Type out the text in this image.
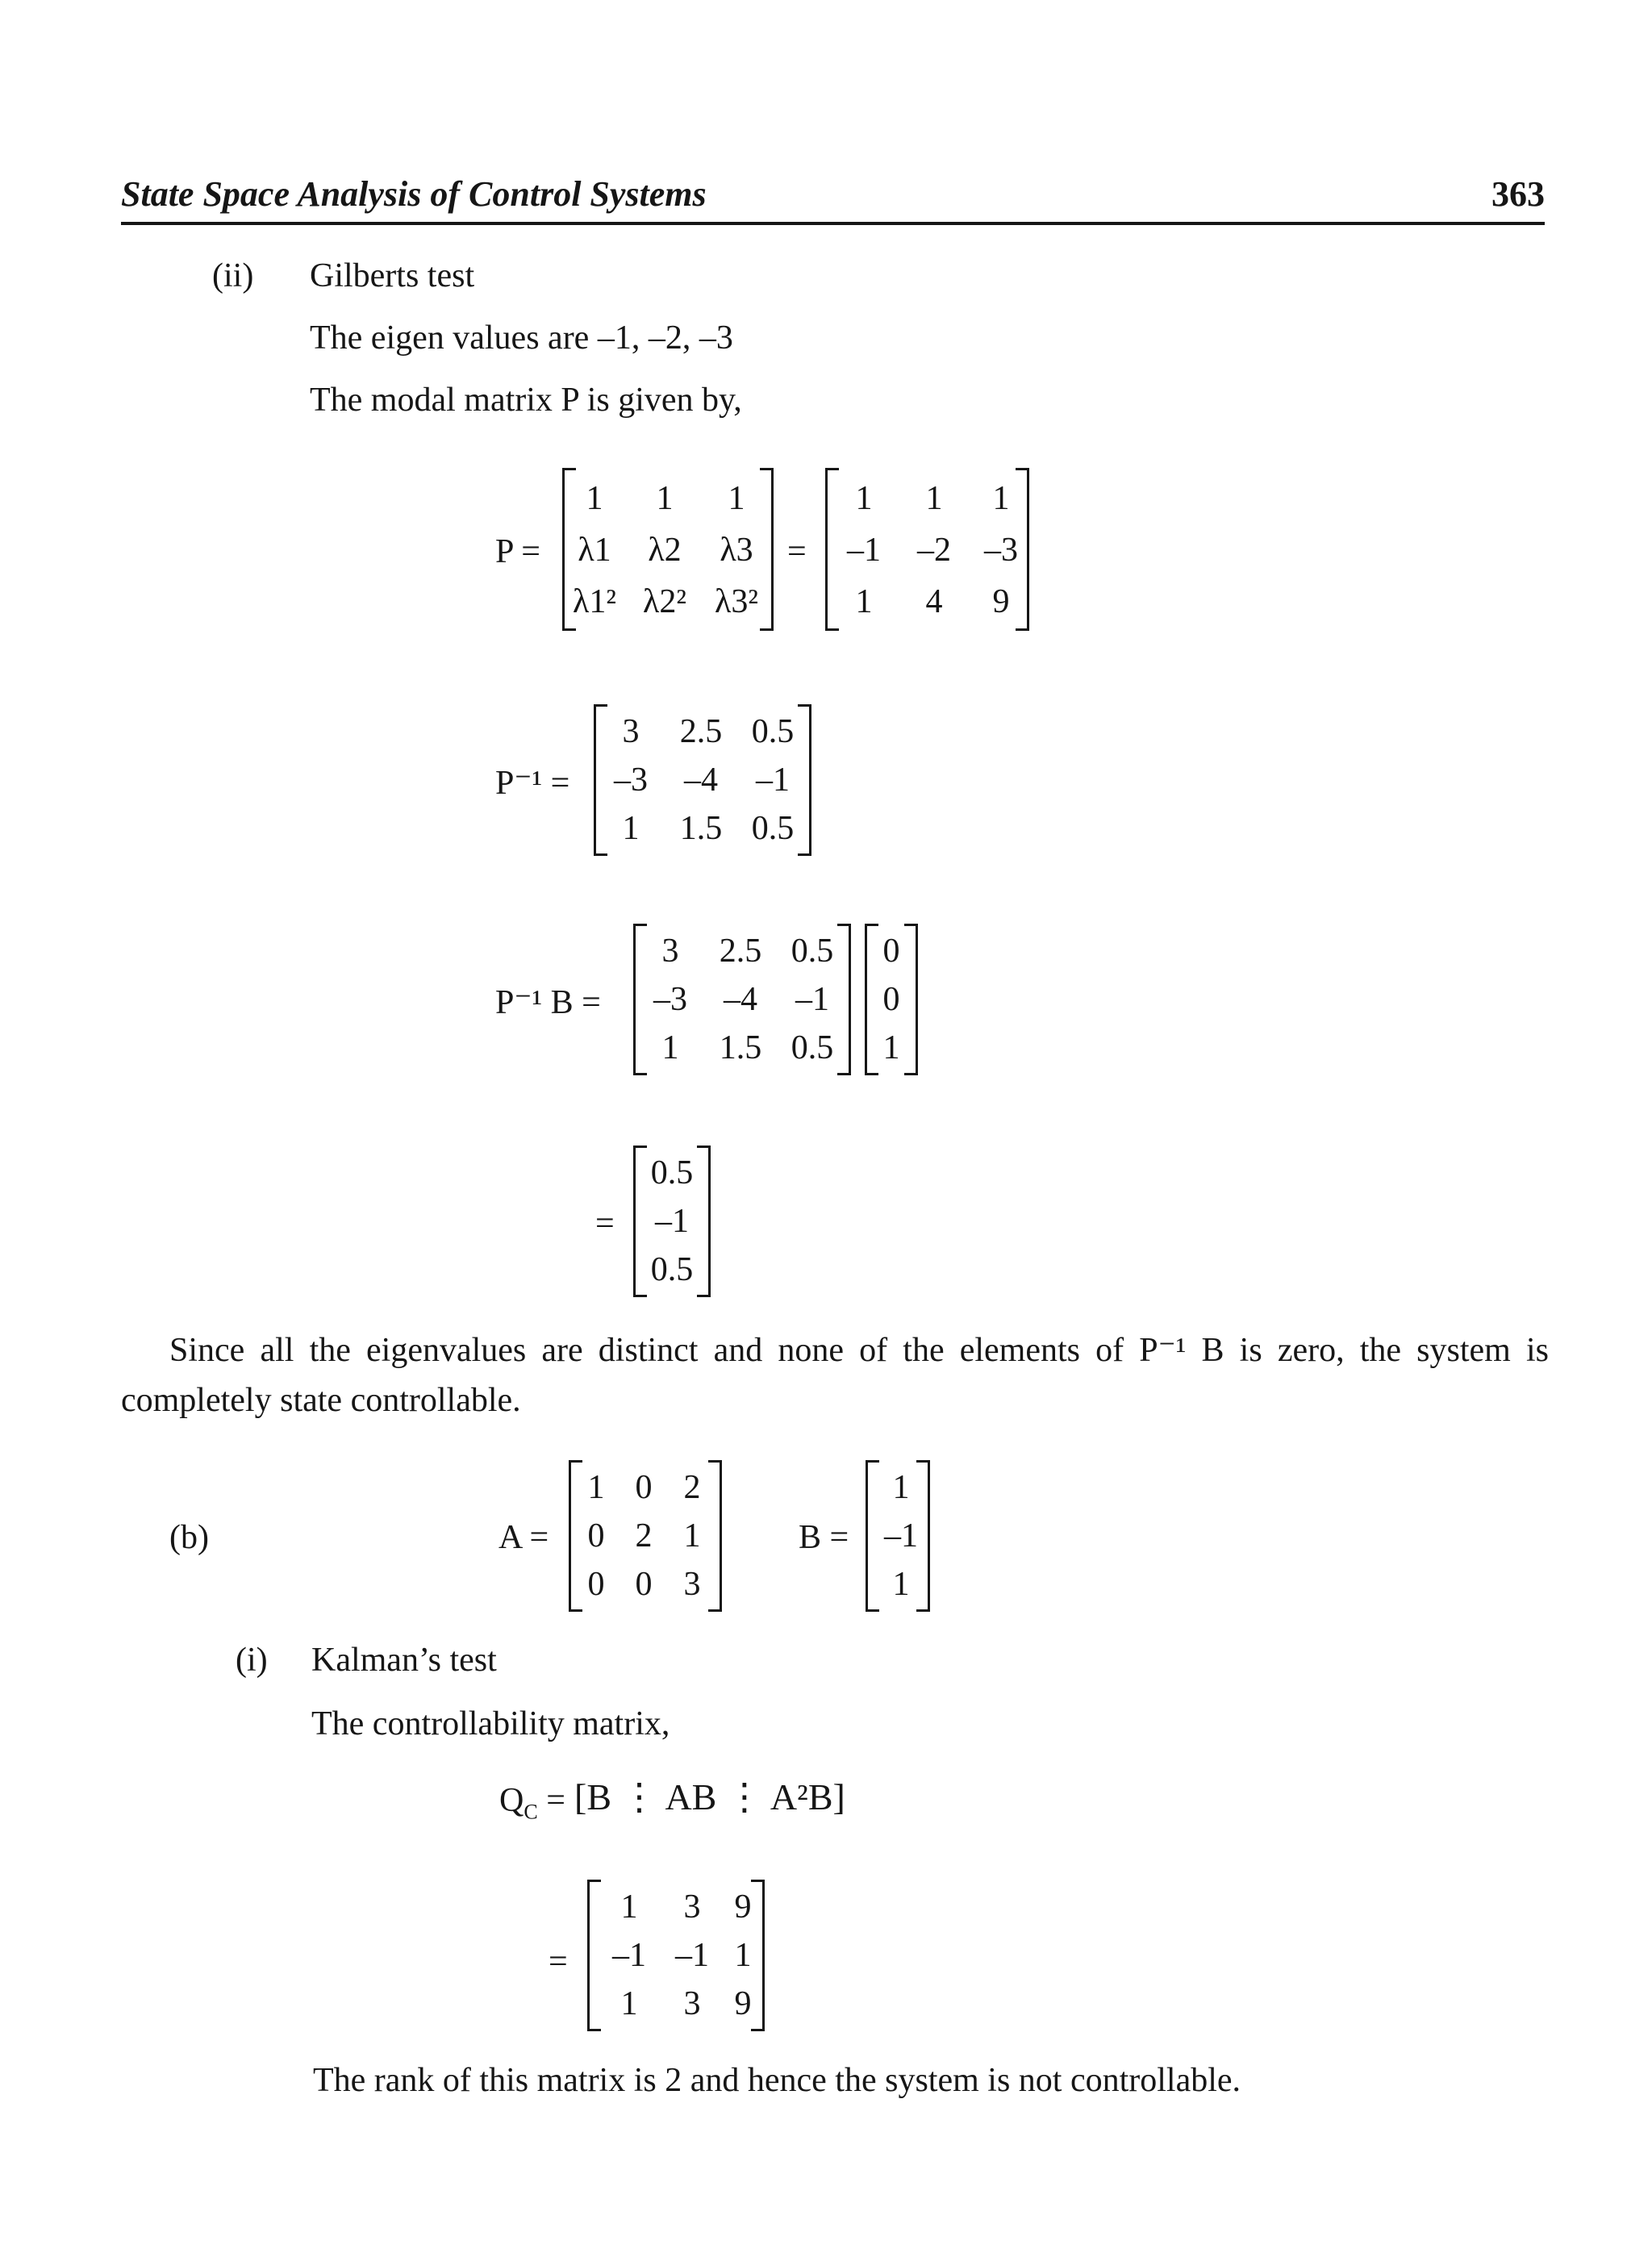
State Space Analysis of Control Systems	363
(ii) Gilberts test
The eigen values are –1, –2, –3
The modal matrix P is given by,
P =
1	1	1
λ1	λ2	λ3
λ1² λ2² λ3²
=
1	1	1
–1	–2 –3
1	4	9
P⁻¹ =
3	2.5 0.5
–3	–4	–1
1	1.5 0.5
P⁻¹ B =
3	2.5 0.5
–3	–4	–1
1	1.5 0.5
0
0
1
=
0.5
–1
0.5
Since all the eigenvalues are distinct and none of the elements of P⁻¹ B is zero, the system is
completely state controllable.
(b)	A =
1 0 2
0 2 1
0 0 3
B =
1
–1
1
(i) Kalman’s test
The controllability matrix,
$Q_C = [B$ ⋮ AB ⋮ A²B]
=
1	3	9
–1 –1 1
1	3	9
The rank of this matrix is 2 and hence the system is not controllable.
